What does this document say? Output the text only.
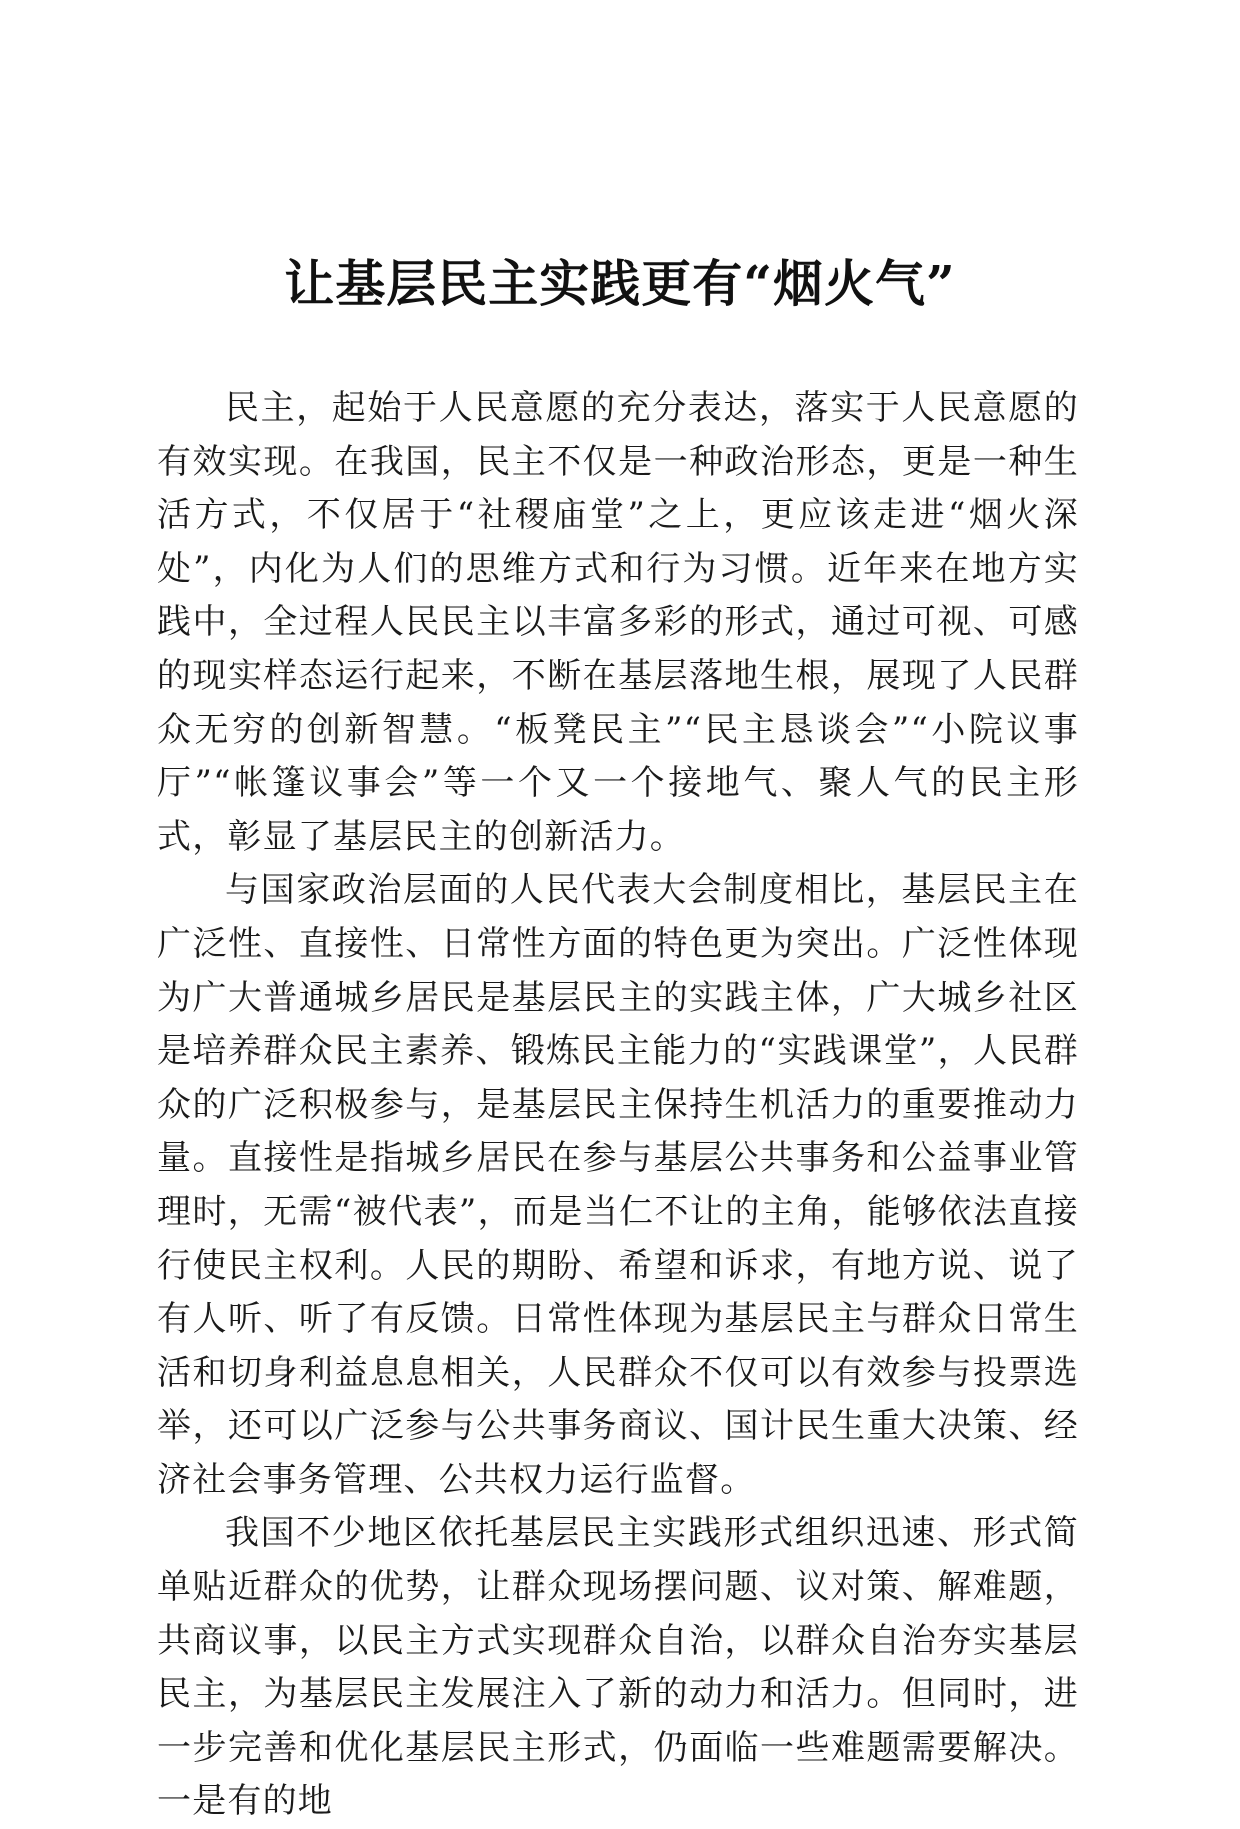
让基层民主实践更有“烟火气”

民主，起始于人民意愿的充分表达，落实于人民意愿的有效实现。在我国，民主不仅是一种政治形态，更是一种生活方式，不仅居于“社稷庙堂”之上，更应该走进“烟火深处”，内化为人们的思维方式和行为习惯。近年来在地方实践中，全过程人民民主以丰富多彩的形式，通过可视、可感的现实样态运行起来，不断在基层落地生根，展现了人民群众无穷的创新智慧。“板凳民主”“民主恳谈会”“小院议事厅”“帐篷议事会”等一个又一个接地气、聚人气的民主形式，彰显了基层民主的创新活力。

与国家政治层面的人民代表大会制度相比，基层民主在广泛性、直接性、日常性方面的特色更为突出。广泛性体现为广大普通城乡居民是基层民主的实践主体，广大城乡社区是培养群众民主素养、锻炼民主能力的“实践课堂”，人民群众的广泛积极参与，是基层民主保持生机活力的重要推动力量。直接性是指城乡居民在参与基层公共事务和公益事业管理时，无需“被代表”，而是当仁不让的主角，能够依法直接行使民主权利。人民的期盼、希望和诉求，有地方说、说了有人听、听了有反馈。日常性体现为基层民主与群众日常生活和切身利益息息相关，人民群众不仅可以有效参与投票选举，还可以广泛参与公共事务商议、国计民生重大决策、经济社会事务管理、公共权力运行监督。

我国不少地区依托基层民主实践形式组织迅速、形式简单贴近群众的优势，让群众现场摆问题、议对策、解难题，共商议事，以民主方式实现群众自治，以群众自治夯实基层民主，为基层民主发展注入了新的动力和活力。但同时，进一步完善和优化基层民主形式，仍面临一些难题需要解决。一是有的地
